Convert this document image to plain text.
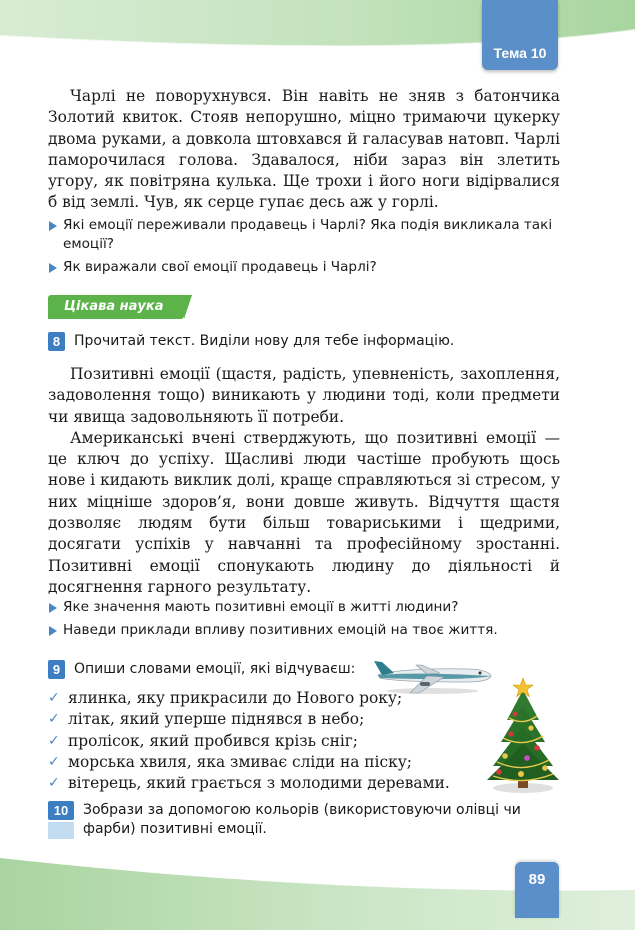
Тема 10

Чарлі не поворухнувся. Він навіть не зняв з батончика Золотий квиток. Стояв непорушно, міцно тримаючи цукерку двома руками, а довкола штовхався й галасував натовп. Чарлі паморочилася голова. Здавалося, ніби зараз він злетить угору, як повітряна кулька. Ще трохи і його ноги відірвалися б від землі. Чув, як серце гупає десь аж у горлі.

Які емоції переживали продавець і Чарлі? Яка подія викликала такі емоції?
Як виражали свої емоції продавець і Чарлі?
Цікава наука
8 Прочитай текст. Виділи нову для тебе інформацію.

Позитивні емоції (щастя, радість, упевненість, захоплення, задоволення тощо) виникають у людини тоді, коли предмети чи явища задовольняють її потреби.

Американські вчені стверджують, що позитивні емоції — це ключ до успіху. Щасливі люди частіше пробують щось нове і кидають виклик долі, краще справляються зі стресом, у них міцніше здоров’я, вони довше живуть. Відчуття щастя дозволяє людям бути більш товариськими і щедрими, досягати успіхів у навчанні та професійному зростанні. Позитивні емоції спонукають людину до діяльності й досягнення гарного результату.

Яке значення мають позитивні емоції в житті людини?
Наведи приклади впливу позитивних емоцій на твоє життя.
9 Опиши словами емоції, які відчуваєш:
✓ ялинка, яку прикрасили до Нового року;
✓ літак, який уперше піднявся в небо;
✓ пролісок, який пробився крізь сніг;
✓ морська хвиля, яка змиває сліди на піску;
✓ вітерець, який грається з молодими деревами.
10	Зобрази за допомогою кольорів (використовуючи олівці чи фарби) позитивні емоції.
89
